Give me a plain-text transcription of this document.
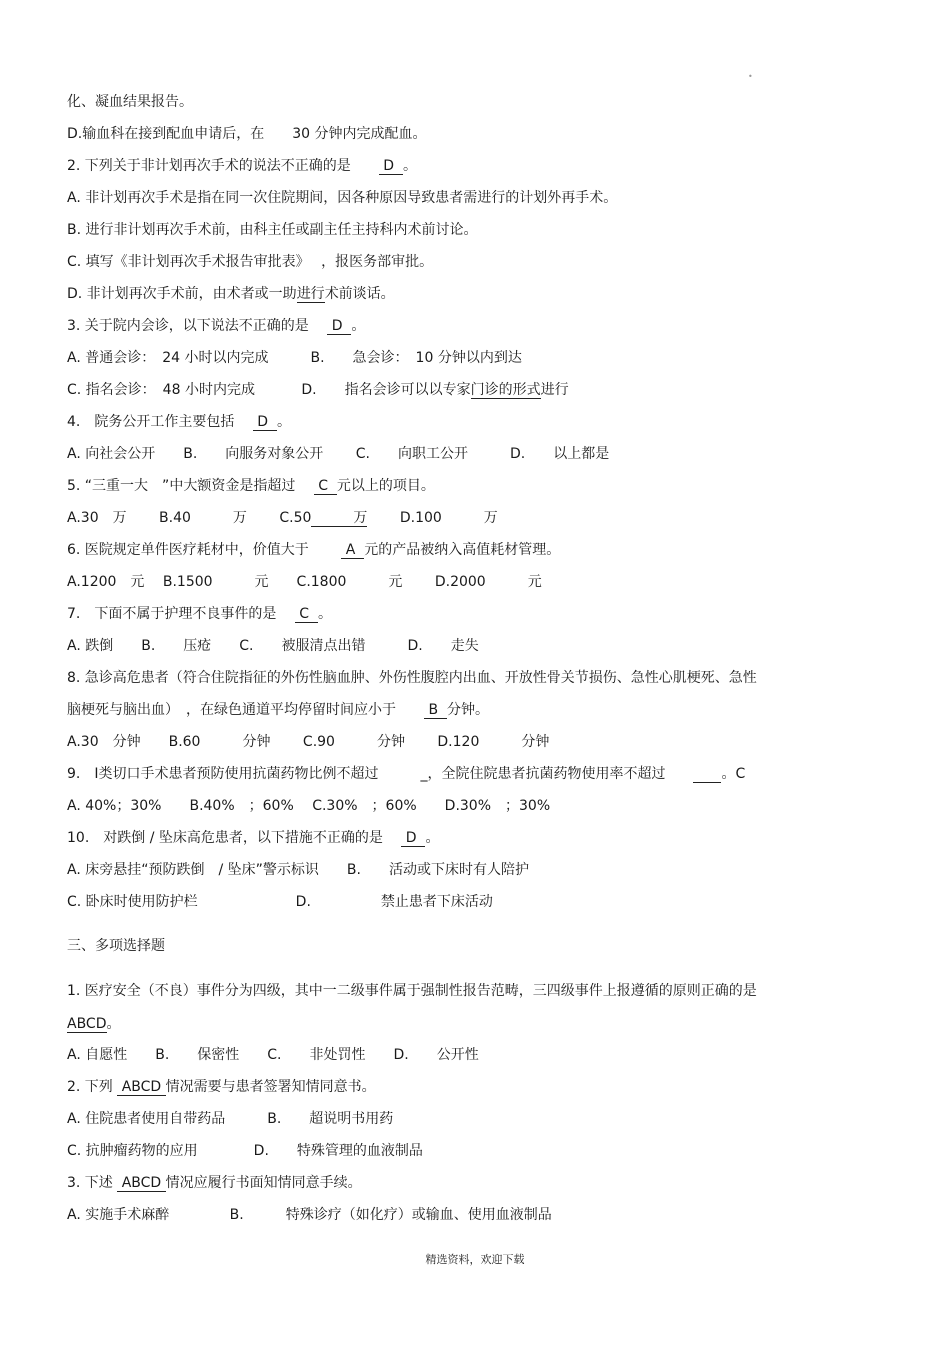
•
化、凝血结果报告。
D.输血科在接到配血申请后，在　　30 分钟内完成配血。
2. 下列关于非计划再次手术的说法不正确的是　　 D  。
A. 非计划再次手术是指在同一次住院期间，因各种原因导致患者需进行的计划外再手术。
B. 进行非计划再次手术前，由科主任或副主任主持科内术前讨论。
C. 填写《非计划再次手术报告审批表》　 ，报医务部审批。
D. 非计划再次手术前，由术者或一助进行术前谈话。
3. 关于院内会诊，以下说法不正确的是　  D  。
A. 普通会诊：　24 小时以内完成　　　B.　　急会诊：　10 分钟以内到达
C. 指名会诊：　48 小时内完成　　　 D.　　指名会诊可以以专家门诊的形式进行
4.　院务公开工作主要包括　  D  。
A. 向社会公开　　B.　　向服务对象公开　　 C.　　向职工公开　　　D.　　以上都是
5. “三重一大　”中大额资金是指超过　  C  元以上的项目。
A.30　万　　 B.40　　　万　　 C.50　　　万　　 D.100　　　万
6. 医院规定单件医疗耗材中，价值大于　　  A  元的产品被纳入高值耗材管理。
A.1200　元　 B.1500　　　元　　C.1800　　　元　　 D.2000　　　元
7.　下面不属于护理不良事件的是　  C  。
A. 跌倒　　B.　　压疮　　C.　　被服清点出错　　　D.　　走失
8. 急诊高危患者（符合住院指征的外伤性脑血肿、外伤性腹腔内出血、开放性骨关节损伤、急性心肌梗死、急性
脑梗死与脑出血）　，在绿色通道平均停留时间应小于　　 B  分钟。
A.30　分钟　　B.60　　　分钟　　 C.90　　　分钟　　 D.120　　　分钟
9.　Ⅰ类切口手术患者预防使用抗菌药物比例不超过　　　_，全院住院患者抗菌药物使用率不超过　　　　。C
A. 40%；30%　　B.40%　；60%　 C.30%　；60%　　D.30%　；30%
10.　对跌倒 / 坠床高危患者，以下措施不正确的是　  D  。
A. 床旁悬挂“预防跌倒　/ 坠床”警示标识　　B.　　活动或下床时有人陪护
C. 卧床时使用防护栏　　　　　　　D.　　　　　禁止患者下床活动
三、多项选择题
1. 医疗安全（不良）事件分为四级，其中一二级事件属于强制性报告范畴，三四级事件上报遵循的原则正确的是
ABCD。
A. 自愿性　　B.　　保密性　　C.　　非处罚性　　D.　　公开性
2. 下列  ABCD 情况需要与患者签署知情同意书。
A. 住院患者使用自带药品　　　B.　　超说明书用药
C. 抗肿瘤药物的应用　　　　D.　　特殊管理的血液制品
3. 下述  ABCD 情况应履行书面知情同意手续。
A. 实施手术麻醉　　　　 B.　　　特殊诊疗（如化疗）或输血、使用血液制品
精选资料，欢迎下载
